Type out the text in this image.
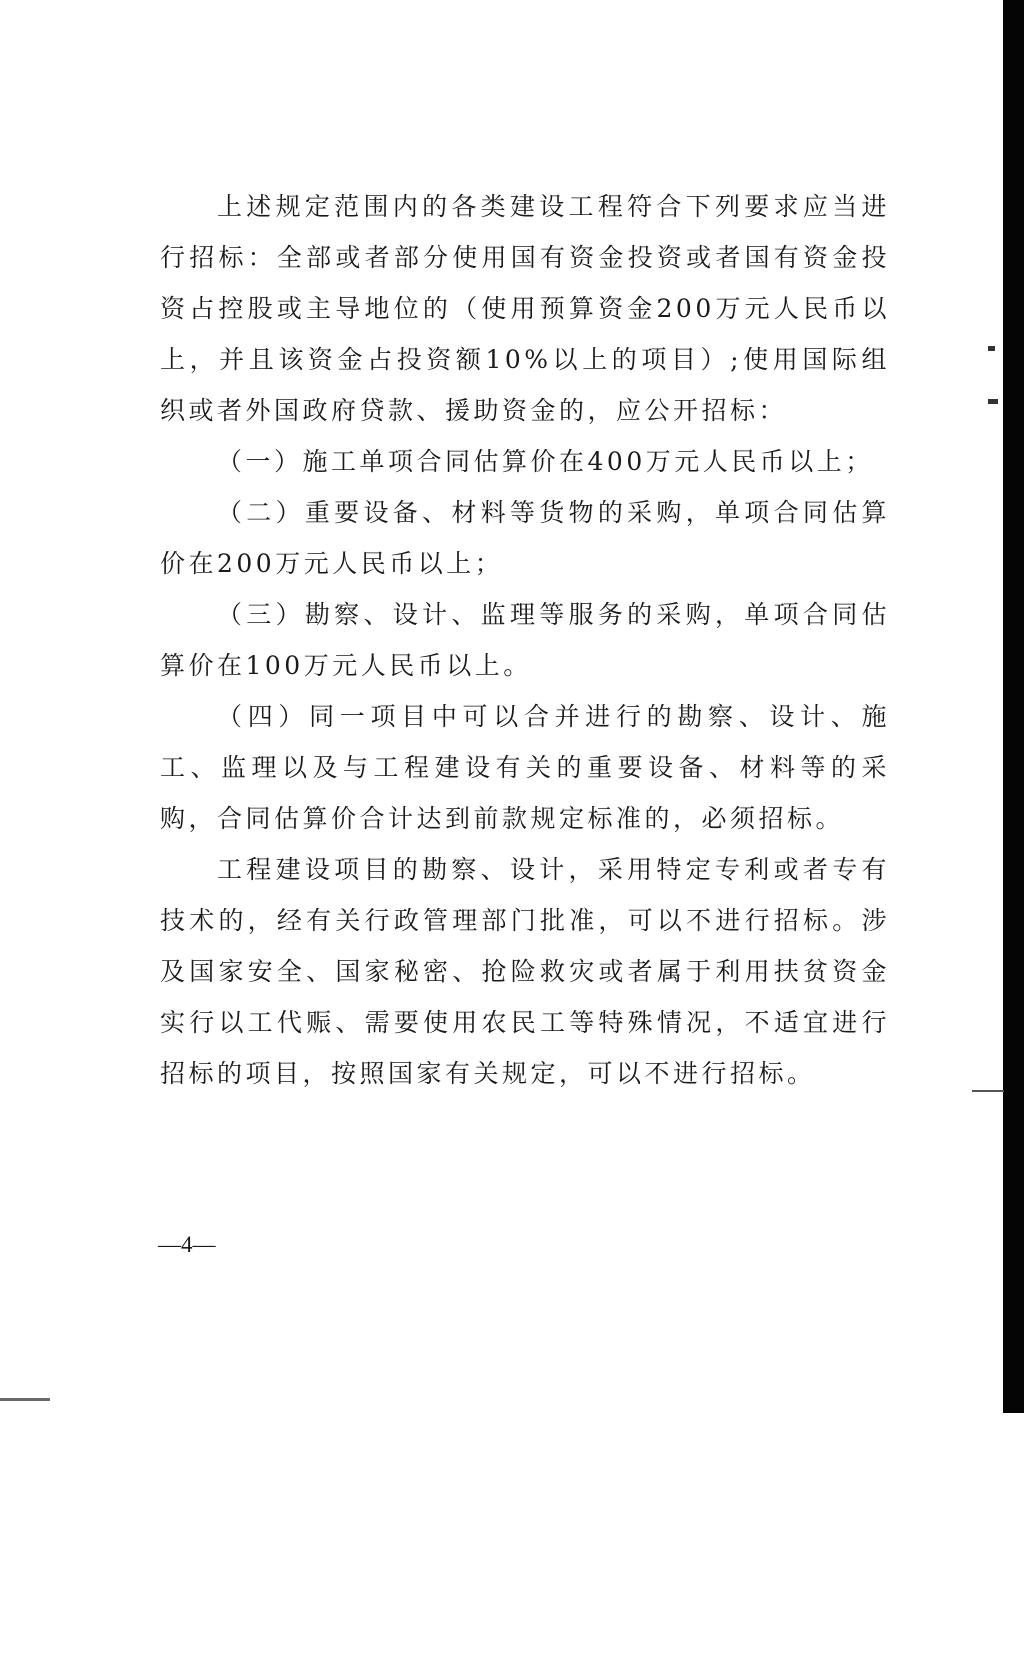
上述规定范围内的各类建设工程符合下列要求应当进行招标：全部或者部分使用国有资金投资或者国有资金投资占控股或主导地位的（使用预算资金200万元人民币以上，并且该资金占投资额10%以上的项目）;使用国际组织或者外国政府贷款、援助资金的，应公开招标：

（一）施工单项合同估算价在400万元人民币以上；

（二）重要设备、材料等货物的采购，单项合同估算价在200万元人民币以上；

（三）勘察、设计、监理等服务的采购，单项合同估算价在100万元人民币以上。

（四）同一项目中可以合并进行的勘察、设计、施工、监理以及与工程建设有关的重要设备、材料等的采购，合同估算价合计达到前款规定标准的，必须招标。

工程建设项目的勘察、设计，采用特定专利或者专有技术的，经有关行政管理部门批准，可以不进行招标。涉及国家安全、国家秘密、抢险救灾或者属于利用扶贫资金实行以工代赈、需要使用农民工等特殊情况，不适宜进行招标的项目，按照国家有关规定，可以不进行招标。

—4—
